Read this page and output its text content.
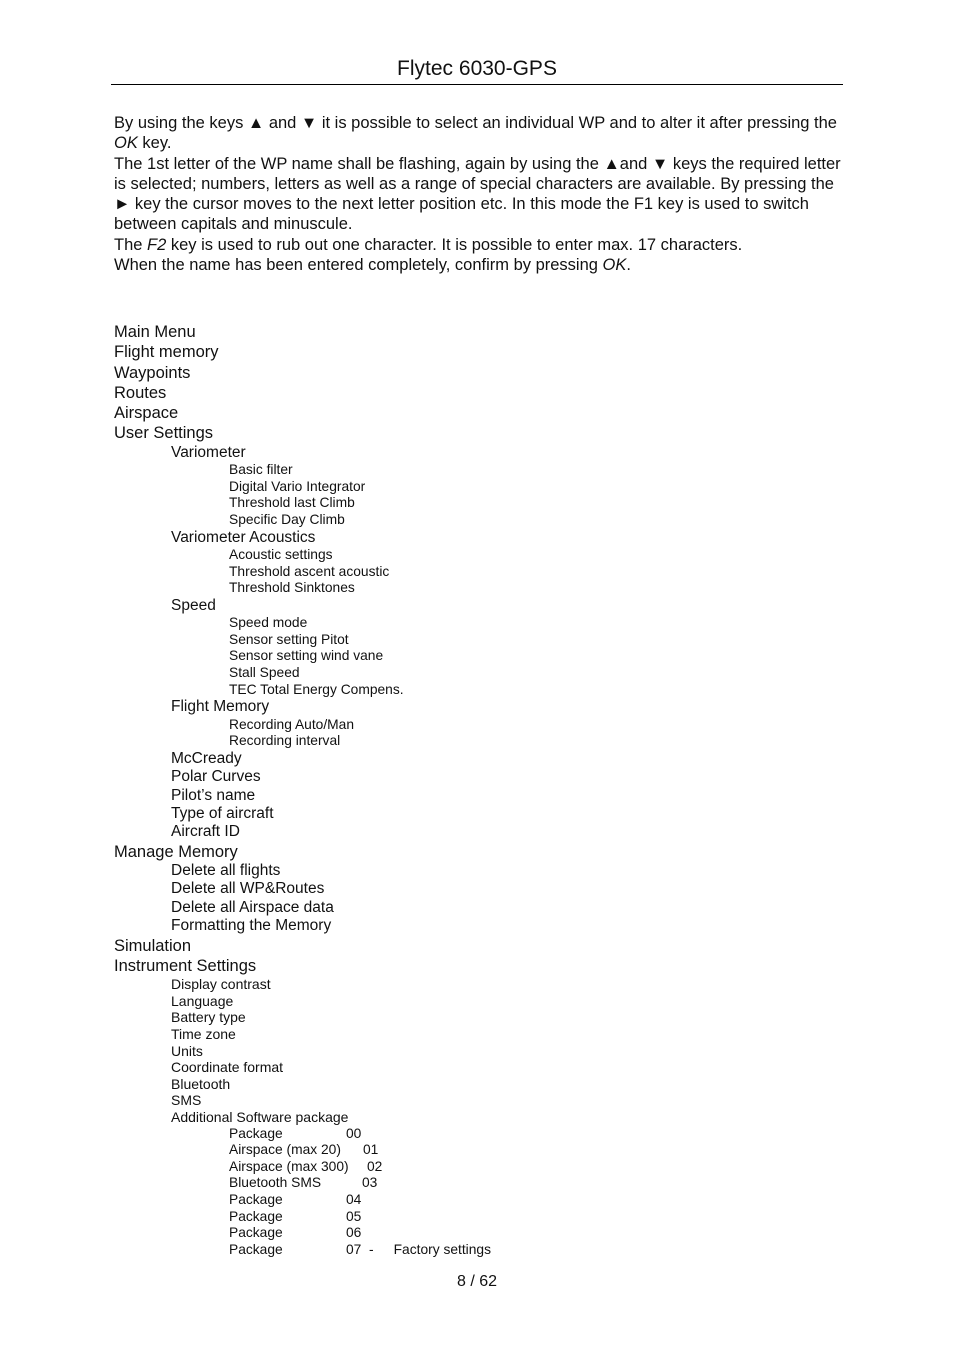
Flytec 6030-GPS

By using the keys ▲ and ▼ it is possible to select an individual WP and to alter it after pressing the OK key.

The 1st letter of the WP name shall be flashing, again by using the ▲and ▼ keys the required letter is selected; numbers, letters as well as a range of special characters are available. By pressing the ► key the cursor moves to the next letter position etc. In this mode the F1 key is used to switch between capitals and minuscule.

The F2 key is used to rub out one character. It is possible to enter max. 17 characters.

When the name has been entered completely, confirm by pressing OK.

Main Menu
Flight memory
Waypoints
Routes
Airspace
User Settings
Variometer
Basic filter
Digital Vario Integrator
Threshold last Climb
Specific Day Climb
Variometer Acoustics
Acoustic settings
Threshold ascent acoustic
Threshold Sinktones
Speed
Speed mode
Sensor setting Pitot
Sensor setting wind vane
Stall Speed
TEC Total Energy Compens.
Flight Memory
Recording Auto/Man
Recording interval
McCready
Polar Curves
Pilot’s name
Type of aircraft
Aircraft ID
Manage Memory
Delete all flights
Delete all WP&Routes
Delete all Airspace data
Formatting the Memory
Simulation
Instrument Settings
Display contrast
Language
Battery type
Time zone
Units
Coordinate format
Bluetooth
SMS
Additional Software package
Package	00
Airspace (max 20)	01
Airspace (max 300)	02
Bluetooth SMS	03
Package	04
Package	05
Package	06
Package	07  - Factory settings
8 / 62
